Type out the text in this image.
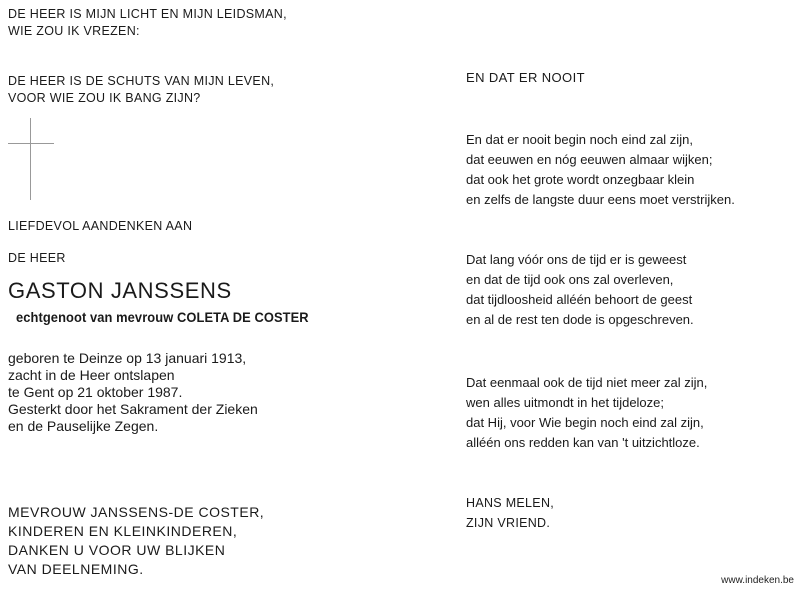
DE HEER IS MIJN LICHT EN MIJN LEIDSMAN,
WIE ZOU IK VREZEN:
DE HEER IS DE SCHUTS VAN MIJN LEVEN,
VOOR WIE ZOU IK BANG ZIJN?
LIEFDEVOL AANDENKEN AAN
DE HEER
GASTON JANSSENS
echtgenoot van mevrouw COLETA DE COSTER
geboren te Deinze op 13 januari 1913,
zacht in de Heer ontslapen
te Gent op 21 oktober 1987.
Gesterkt door het Sakrament der Zieken
en de Pauselijke Zegen.
MEVROUW JANSSENS-DE COSTER,
KINDEREN EN KLEINKINDEREN,
DANKEN U VOOR UW BLIJKEN
VAN DEELNEMING.
EN DAT ER NOOIT
En dat er nooit begin noch eind zal zijn,
dat eeuwen en nóg eeuwen almaar wijken;
dat ook het grote wordt onzegbaar klein
en zelfs de langste duur eens moet verstrijken.
Dat lang vóór ons de tijd er is geweest
en dat de tijd ook ons zal overleven,
dat tijdloosheid alléén behoort de geest
en al de rest ten dode is opgeschreven.
Dat eenmaal ook de tijd niet meer zal zijn,
wen alles uitmondt in het tijdeloze;
dat Hij, voor Wie begin noch eind zal zijn,
alléén ons redden kan van 't uitzichtloze.
HANS MELEN,
ZIJN VRIEND.
www.indeken.be
